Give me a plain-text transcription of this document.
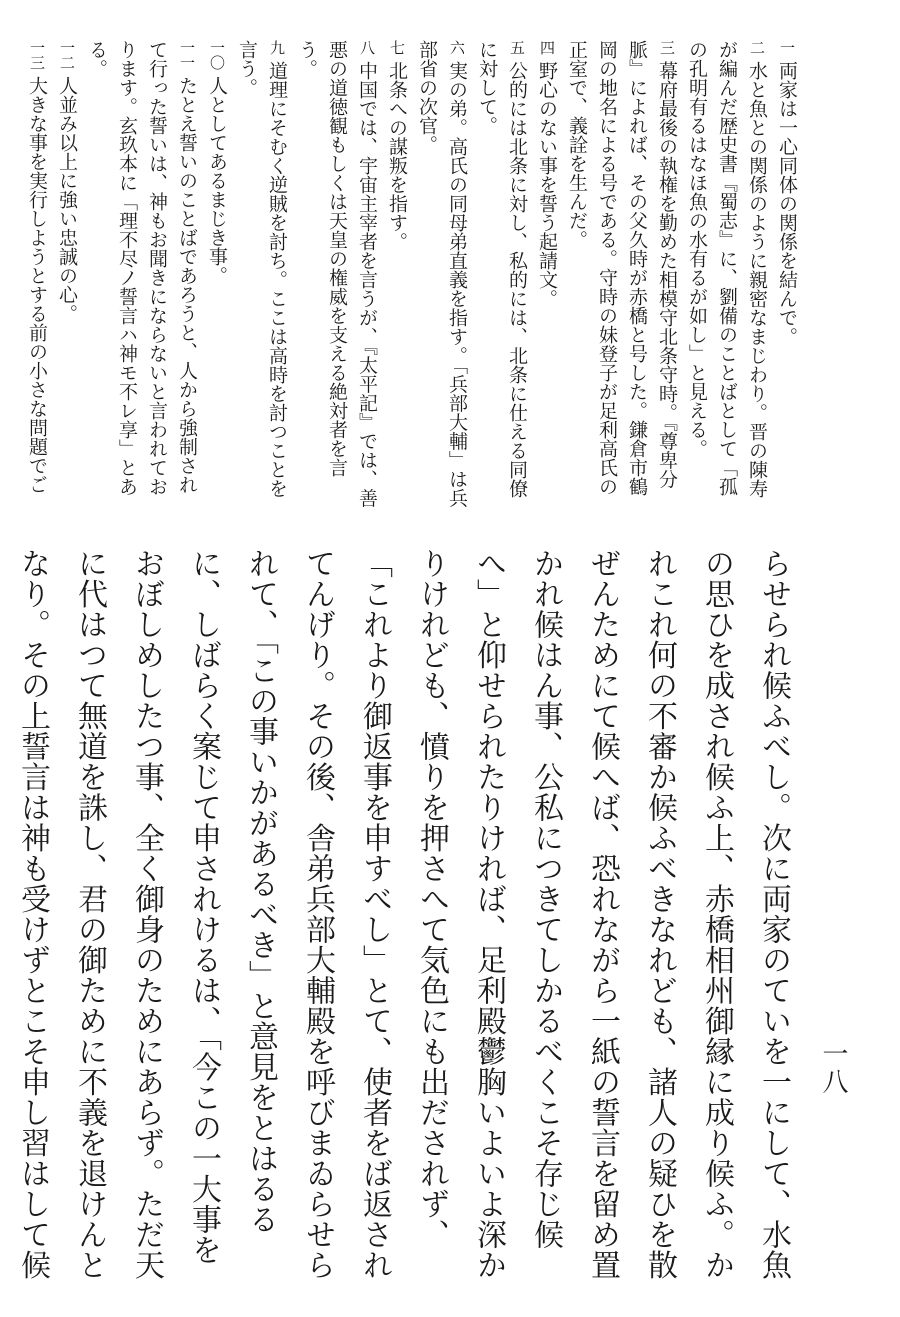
一八

一両家は一心同体の関係を結んで。

二水と魚との関係のように親密なまじわり。晋の陳寿が編んだ歴史書『蜀志』に、劉備のことばとして「孤の孔明有るはなほ魚の水有るが如し」と見える。

三幕府最後の執権を勤めた相模守北条守時。『尊卑分脈』によれば、その父久時が赤橋と号した。鎌倉市鶴岡の地名による号である。守時の妹登子が足利高氏の正室で、義詮を生んだ。

四野心のない事を誓う起請文。

五公的には北条に対し、私的には、北条に仕える同僚に対して。

六実の弟。高氏の同母弟直義を指す。「兵部大輔」は兵部省の次官。

七北条への謀叛を指す。

八中国では、宇宙主宰者を言うが、『太平記』では、善悪の道徳観もしくは天皇の権威を支える絶対者を言う。

九道理にそむく逆賊を討ち。ここは高時を討つことを言う。

一〇人としてあるまじき事。

一一たとえ誓いのことばであろうと、人から強制されて行った誓いは、神もお聞きにならないと言われております。玄玖本に「理不尽ノ誓言ハ神モ不レ享」とある。

一二人並み以上に強い忠誠の心。

一三大きな事を実行しようとする前の小さな問題でご

らせられ候ふべし。次に両家のていを一にして、水魚の思ひを成され候ふ上、赤橋相州御縁に成り候ふ。かれこれ何の不審か候ふべきなれども、諸人の疑ひを散ぜんためにて候へば、恐れながら一紙の誓言を留め置かれ候はん事、公私につきてしかるべくこそ存じ候へ」と仰せられたりければ、足利殿鬱胸いよいよ深かりけれども、憤りを押さへて気色にも出だされず、「これより御返事を申すべし」とて、使者をば返されてんげり。その後、舎弟兵部大輔殿を呼びまゐらせられて、「この事いかがあるべき」と意見をとはるるに、しばらく案じて申されけるは、「今この一大事をおぼしめしたつ事、全く御身のためにあらず。ただ天に代はつて無道を誅し、君の御ために不義を退けんとなり。その上誓言は神も受けずとこそ申し習はして候
